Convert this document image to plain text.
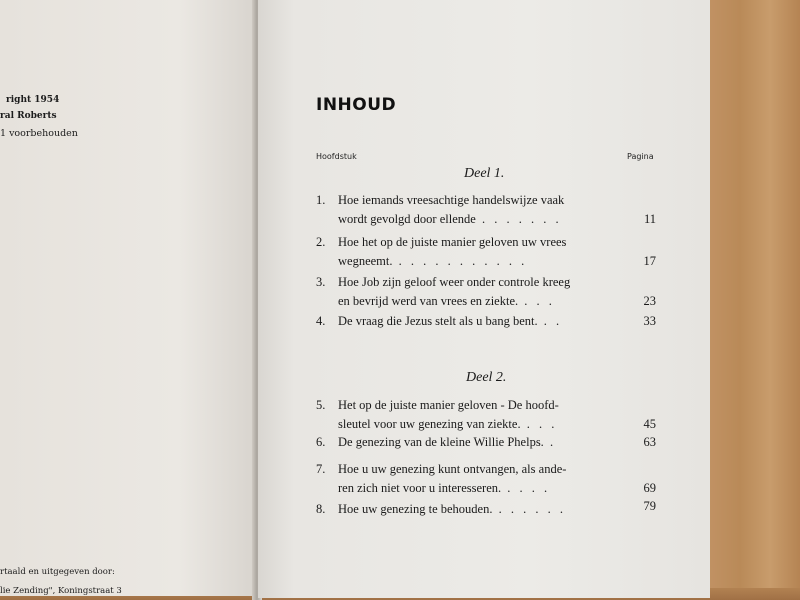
right 1954
ral Roberts
1 voorbehouden
rtaald en uitgegeven door:
lie Zending", Koningstraat 3
INHOUD
Hoofdstuk	Pagina
Deel 1.
1. Hoe iemands vreesachtige handelswijze vaak
wordt gevolgd door ellende . . . . . . .	11
2. Hoe het op de juiste manier geloven uw vrees
wegneemt. . . . . . . . . . . .	17
3. Hoe Job zijn geloof weer onder controle kreeg
en bevrijd werd van vrees en ziekte. . . .	23
4. De vraag die Jezus stelt als u bang bent. . .	33
Deel 2.
5. Het op de juiste manier geloven - De hoofd-
sleutel voor uw genezing van ziekte. . . .	45
6. De genezing van de kleine Willie Phelps. .	63
7. Hoe u uw genezing kunt ontvangen, als ande-
ren zich niet voor u interesseren. . . . .	69
8. Hoe uw genezing te behouden. . . . . . .	79
